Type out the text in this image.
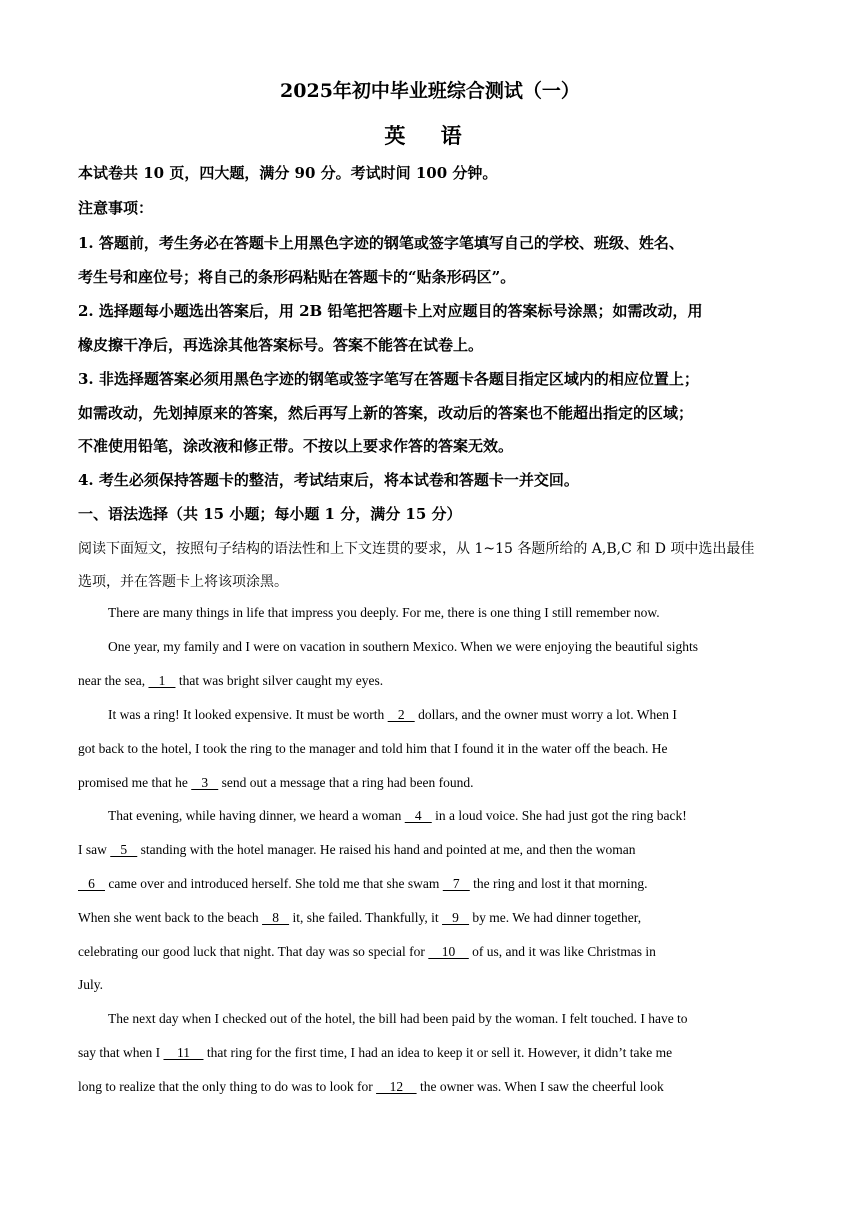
2025年初中毕业班综合测试（一）
英 语
本试卷共 10 页，四大题，满分 90 分。考试时间 100 分钟。
注意事项：
1. 答题前，考生务必在答题卡上用黑色字迹的钢笔或签字笔填写自己的学校、班级、姓名、
考生号和座位号；将自己的条形码粘贴在答题卡的“贴条形码区”。
2. 选择题每小题选出答案后，用 2B 铅笔把答题卡上对应题目的答案标号涂黑；如需改动，用
橡皮擦干净后，再选涂其他答案标号。答案不能答在试卷上。
3. 非选择题答案必须用黑色字迹的钢笔或签字笔写在答题卡各题目指定区域内的相应位置上；
如需改动，先划掉原来的答案，然后再写上新的答案，改动后的答案也不能超出指定的区域；
不准使用铅笔，涂改液和修正带。不按以上要求作答的答案无效。
4. 考生必须保持答题卡的整洁，考试结束后，将本试卷和答题卡一并交回。
一、语法选择（共 15 小题；每小题 1 分，满分 15 分）
阅读下面短文，按照句子结构的语法性和上下文连贯的要求，从 1~15 各题所给的 A,B,C 和 D 项中选出最佳
选项，并在答题卡上将该项涂黑。
There are many things in life that impress you deeply. For me, there is one thing I still remember now.
One year, my family and I were on vacation in southern Mexico. When we were enjoying the beautiful sights
near the sea,    1    that was bright silver caught my eyes.
It was a ring! It looked expensive. It must be worth    2    dollars, and the owner must worry a lot. When I
got back to the hotel, I took the ring to the manager and told him that I found it in the water off the beach. He
promised me that he    3    send out a message that a ring had been found.
That evening, while having dinner, we heard a woman    4    in a loud voice. She had just got the ring back!
I saw    5    standing with the hotel manager. He raised his hand and pointed at me, and then the woman
6    came over and introduced herself. She told me that she swam    7    the ring and lost it that morning.
When she went back to the beach    8    it, she failed. Thankfully, it    9    by me. We had dinner together,
celebrating our good luck that night. That day was so special for     10     of us, and it was like Christmas in
July.
The next day when I checked out of the hotel, the bill had been paid by the woman. I felt touched. I have to
say that when I     11     that ring for the first time, I had an idea to keep it or sell it. However, it didn’t take me
long to realize that the only thing to do was to look for     12     the owner was. When I saw the cheerful look
